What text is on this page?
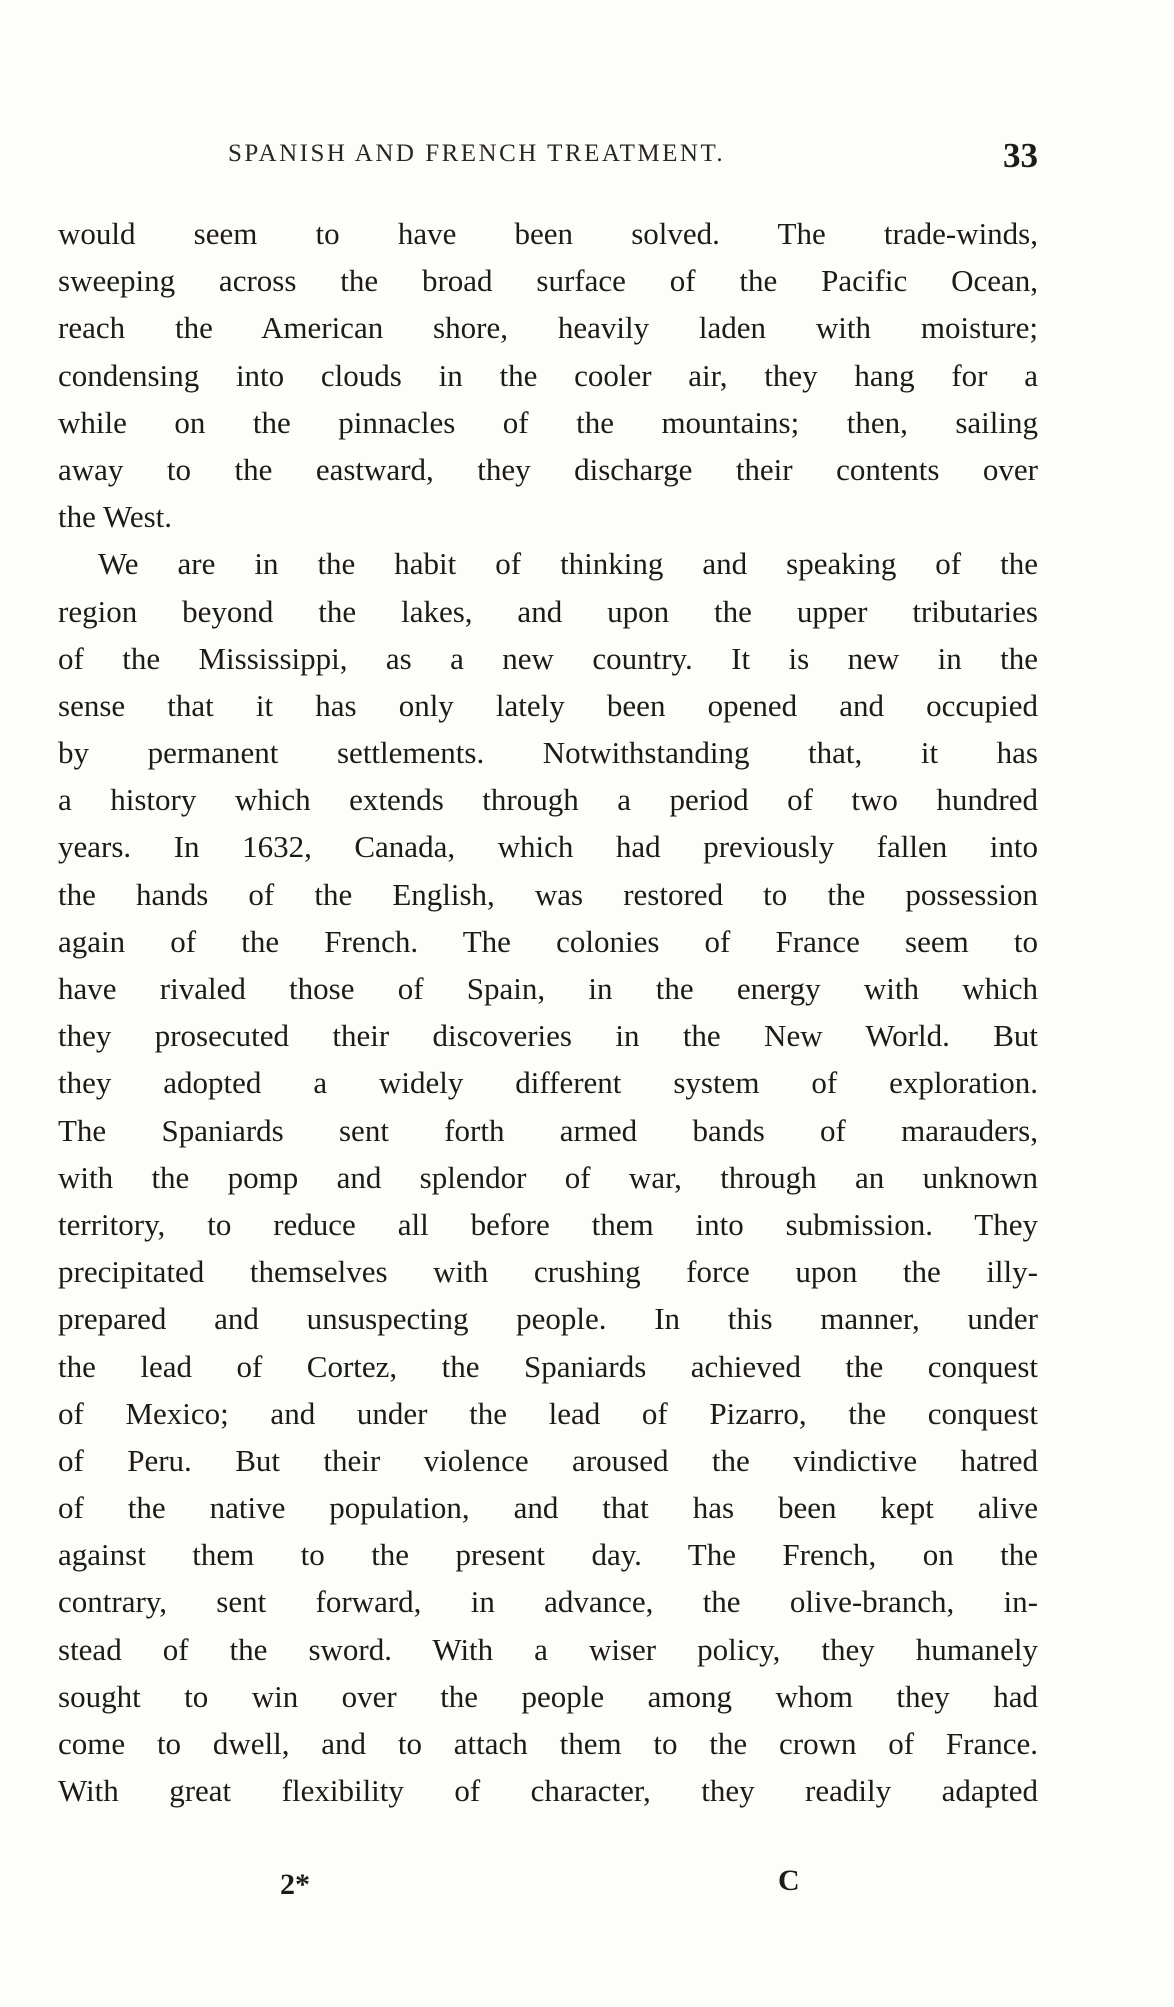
SPANISH AND FRENCH TREATMENT.	33
would seem to have been solved. The trade-winds,
sweeping across the broad surface of the Pacific Ocean,
reach the American shore, heavily laden with moisture;
condensing into clouds in the cooler air, they hang for a
while on the pinnacles of the mountains; then, sailing
away to the eastward, they discharge their contents over
the West.
We are in the habit of thinking and speaking of the
region beyond the lakes, and upon the upper tributaries
of the Mississippi, as a new country. It is new in the
sense that it has only lately been opened and occupied
by permanent settlements. Notwithstanding that, it has
a history which extends through a period of two hundred
years. In 1632, Canada, which had previously fallen into
the hands of the English, was restored to the possession
again of the French. The colonies of France seem to
have rivaled those of Spain, in the energy with which
they prosecuted their discoveries in the New World. But
they adopted a widely different system of exploration.
The Spaniards sent forth armed bands of marauders,
with the pomp and splendor of war, through an unknown
territory, to reduce all before them into submission. They
precipitated themselves with crushing force upon the illy-
prepared and unsuspecting people. In this manner, under
the lead of Cortez, the Spaniards achieved the conquest
of Mexico; and under the lead of Pizarro, the conquest
of Peru. But their violence aroused the vindictive hatred
of the native population, and that has been kept alive
against them to the present day. The French, on the
contrary, sent forward, in advance, the olive-branch, in-
stead of the sword. With a wiser policy, they humanely
sought to win over the people among whom they had
come to dwell, and to attach them to the crown of France.
With great flexibility of character, they readily adapted
2*	C
